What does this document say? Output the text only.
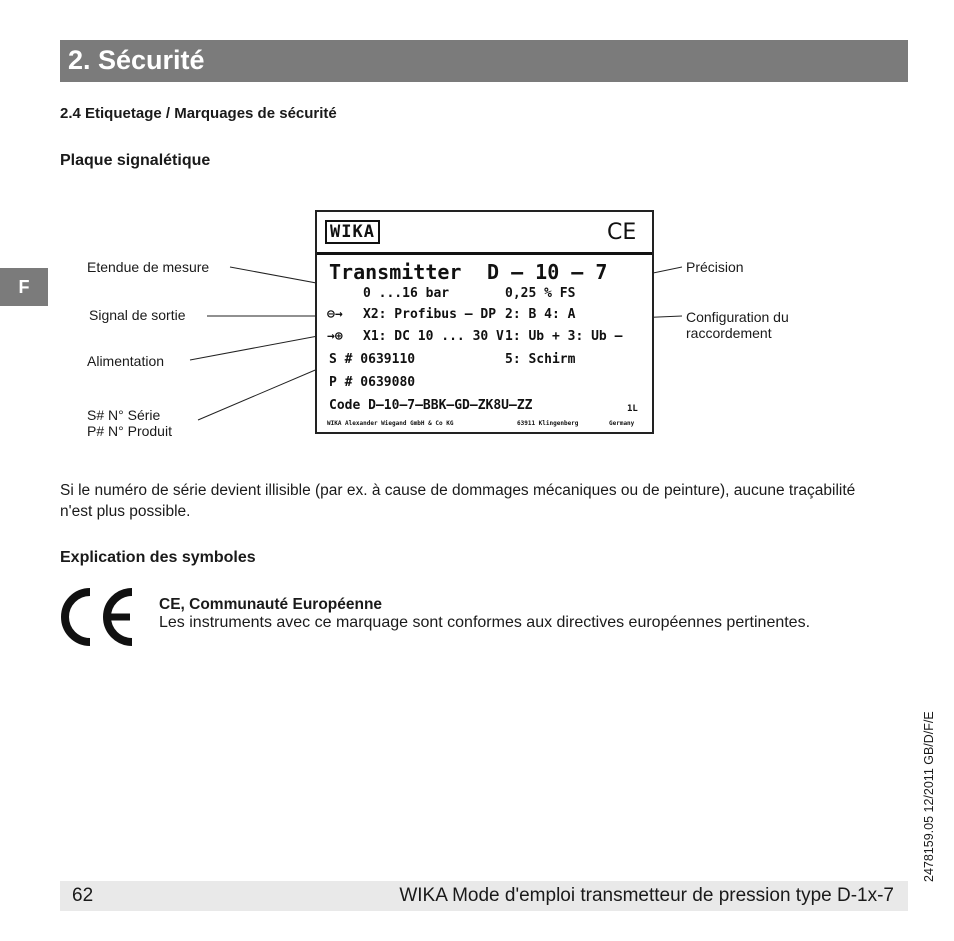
2. Sécurité
F
2.4 Etiquetage / Marquages de sécurité
Plaque signalétique
Etendue de mesure
Signal de sortie
Alimentation
S# N° Série
P# N° Produit
Précision
Configuration du
raccordement
WIKA	CE
Transmitter D – 10 – 7
0 ...16 bar	0,25 % FS
⊖→ X2: Profibus – DP 2: B 4: A
→⊕ X1: DC 10 ... 30 V 1: Ub + 3: Ub –
S # 0639110	5: Schirm
P # 0639080
Code D–10–7–BBK–GD–ZK8U–ZZ	1L
WIKA Alexander Wiegand GmbH & Co KG	63911 Klingenberg	Germany
Si le numéro de série devient illisible (par ex. à cause de dommages mécaniques ou de peinture), aucune traçabilité n'est plus possible.
Explication des symboles
CE, Communauté Européenne
Les instruments avec ce marquage sont conformes aux directives européennes pertinentes.
2478159.05 12/2011 GB/D/F/E
62	WIKA Mode d'emploi transmetteur de pression type D-1x-7
